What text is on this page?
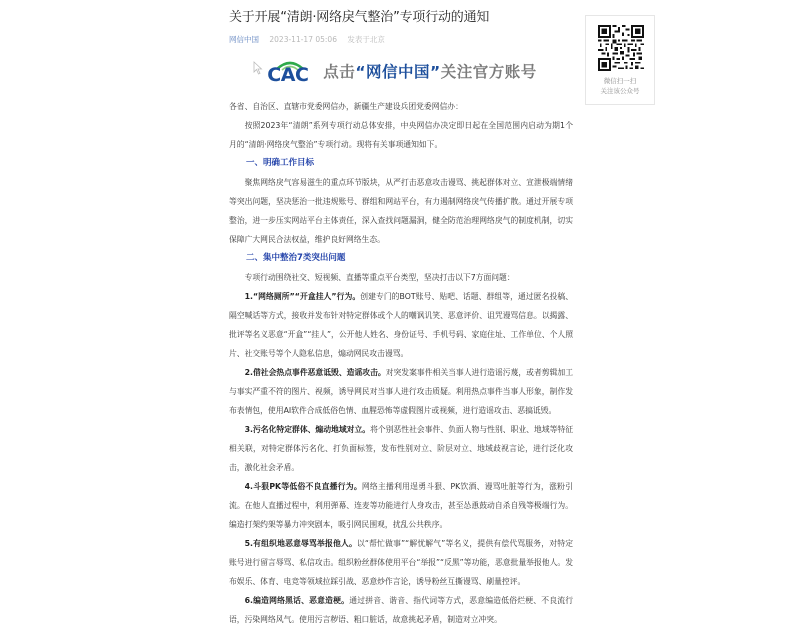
关于开展“清朗·网络戾气整治”专项行动的通知
网信中国 2023-11-17 05:06 发表于北京
CAC 点击“网信中国”关注官方账号

各省、自治区、直辖市党委网信办，新疆生产建设兵团党委网信办：

按照2023年“清朗”系列专项行动总体安排，中央网信办决定即日起在全国范围内启动为期1个月的“清朗·网络戾气整治”专项行动。现将有关事项通知如下。

一、明确工作目标

聚焦网络戾气容易滋生的重点环节版块，从严打击恶意攻击谩骂、挑起群体对立、宣泄极端情绪等突出问题，坚决惩治一批违规账号、群组和网站平台，有力遏制网络戾气传播扩散。通过开展专项整治，进一步压实网站平台主体责任，深入查找问题漏洞，健全防范治理网络戾气的制度机制，切实保障广大网民合法权益，维护良好网络生态。

二、集中整治7类突出问题

专项行动围绕社交、短视频、直播等重点平台类型，坚决打击以下7方面问题：

1.“网络厕所”“开盒挂人”行为。创建专门的BOT账号、贴吧、话题、群组等，通过匿名投稿、隔空喊话等方式，接收并发布针对特定群体或个人的嘲讽讥笑、恶意评价、诅咒谩骂信息。以揭露、批评等名义恶意“开盒”“挂人”，公开他人姓名、身份证号、手机号码、家庭住址、工作单位、个人照片、社交账号等个人隐私信息，煽动网民攻击谩骂。

2.借社会热点事件恶意诋毁、造谣攻击。对突发案事件相关当事人进行造谣污蔑，或者剪辑加工与事实严重不符的图片、视频，诱导网民对当事人进行攻击质疑。利用热点事件当事人形象，制作发布表情包，使用AI软件合成低俗色情、血腥恐怖等虚假图片或视频，进行造谣攻击、恶搞诋毁。

3.污名化特定群体、煽动地域对立。将个别恶性社会事件、负面人物与性别、职业、地域等特征相关联，对特定群体污名化、打负面标签，发布性别对立、阶层对立、地域歧视言论，进行泛化攻击，激化社会矛盾。

4.斗狠PK等低俗不良直播行为。网络主播利用逞勇斗狠、PK饮酒、谩骂吐脏等行为，涨粉引流。在他人直播过程中，利用弹幕、连麦等功能进行人身攻击，甚至怂恿鼓动自杀自残等极端行为。编造打架约架等暴力冲突剧本，吸引网民围观，扰乱公共秩序。

5.有组织地恶意辱骂举报他人。以“帮忙做事”“解忧解气”等名义，提供有偿代骂服务，对特定账号进行留言辱骂、私信攻击。组织粉丝群体使用平台“举报”“反黑”等功能，恶意批量举报他人。发布娱乐、体育、电竞等领域拉踩引战、恶意炒作言论，诱导粉丝互撕谩骂、刷量控评。

6.编造网络黑话、恶意造梗。通过拼音、谐音、指代词等方式，恶意编造低俗烂梗、不良流行语，污染网络风气。使用污言秽语、粗口脏话，故意挑起矛盾，制造对立冲突。

微信扫一扫
关注该公众号
